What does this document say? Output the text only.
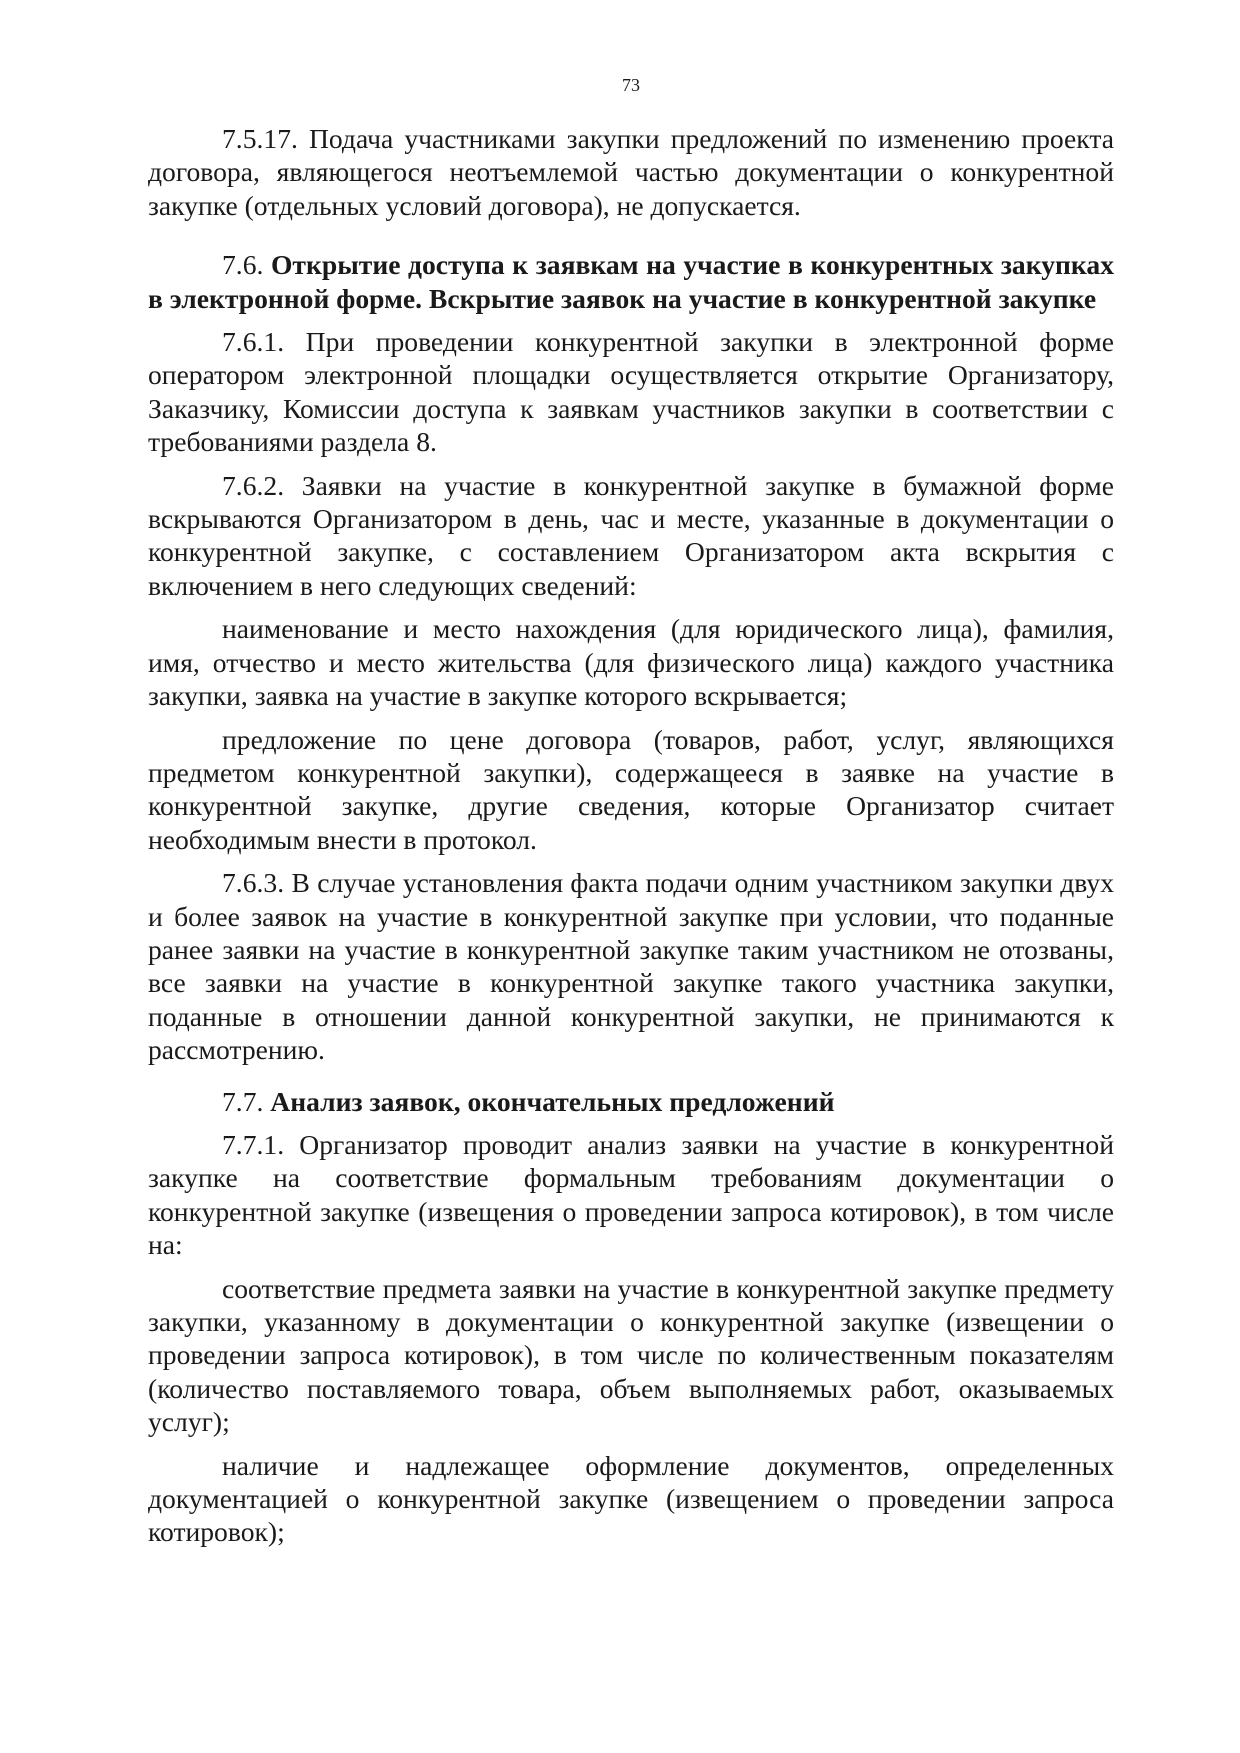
73

7.5.17. Подача участниками закупки предложений по изменению проекта договора, являющегося неотъемлемой частью документации о конкурентной закупке (отдельных условий договора), не допускается.

7.6. Открытие доступа к заявкам на участие в конкурентных закупках в электронной форме. Вскрытие заявок на участие в конкурентной закупке

7.6.1. При проведении конкурентной закупки в электронной форме оператором электронной площадки осуществляется открытие Организатору, Заказчику, Комиссии доступа к заявкам участников закупки в соответствии с требованиями раздела 8.

7.6.2. Заявки на участие в конкурентной закупке в бумажной форме вскрываются Организатором в день, час и месте, указанные в документации о конкурентной закупке, с составлением Организатором акта вскрытия с включением в него следующих сведений:

наименование и место нахождения (для юридического лица), фамилия, имя, отчество и место жительства (для физического лица) каждого участника закупки, заявка на участие в закупке которого вскрывается;

предложение по цене договора (товаров, работ, услуг, являющихся предметом конкурентной закупки), содержащееся в заявке на участие в конкурентной закупке, другие сведения, которые Организатор считает необходимым внести в протокол.

7.6.3. В случае установления факта подачи одним участником закупки двух и более заявок на участие в конкурентной закупке при условии, что поданные ранее заявки на участие в конкурентной закупке таким участником не отозваны, все заявки на участие в конкурентной закупке такого участника закупки, поданные в отношении данной конкурентной закупки, не принимаются к рассмотрению.

7.7. Анализ заявок, окончательных предложений

7.7.1. Организатор проводит анализ заявки на участие в конкурентной закупке на соответствие формальным требованиям документации о конкурентной закупке (извещения о проведении запроса котировок), в том числе на:

соответствие предмета заявки на участие в конкурентной закупке предмету закупки, указанному в документации о конкурентной закупке (извещении о проведении запроса котировок), в том числе по количественным показателям (количество поставляемого товара, объем выполняемых работ, оказываемых услуг);

наличие и надлежащее оформление документов, определенных документацией о конкурентной закупке (извещением о проведении запроса котировок);
